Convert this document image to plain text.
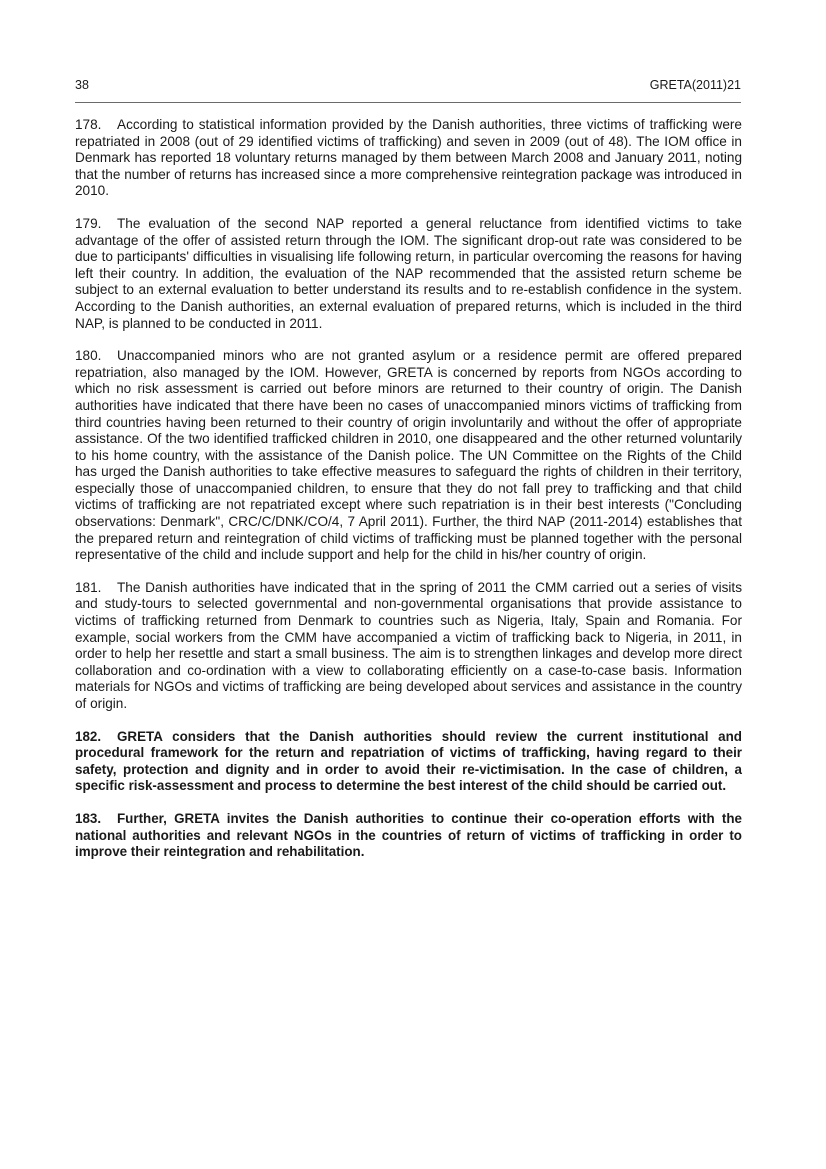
38	GRETA(2011)21

178. According to statistical information provided by the Danish authorities, three victims of trafficking were repatriated in 2008 (out of 29 identified victims of trafficking) and seven in 2009 (out of 48). The IOM office in Denmark has reported 18 voluntary returns managed by them between March 2008 and January 2011, noting that the number of returns has increased since a more comprehensive reintegration package was introduced in 2010.

179. The evaluation of the second NAP reported a general reluctance from identified victims to take advantage of the offer of assisted return through the IOM. The significant drop-out rate was considered to be due to participants' difficulties in visualising life following return, in particular overcoming the reasons for having left their country. In addition, the evaluation of the NAP recommended that the assisted return scheme be subject to an external evaluation to better understand its results and to re-establish confidence in the system. According to the Danish authorities, an external evaluation of prepared returns, which is included in the third NAP, is planned to be conducted in 2011.

180. Unaccompanied minors who are not granted asylum or a residence permit are offered prepared repatriation, also managed by the IOM. However, GRETA is concerned by reports from NGOs according to which no risk assessment is carried out before minors are returned to their country of origin. The Danish authorities have indicated that there have been no cases of unaccompanied minors victims of trafficking from third countries having been returned to their country of origin involuntarily and without the offer of appropriate assistance. Of the two identified trafficked children in 2010, one disappeared and the other returned voluntarily to his home country, with the assistance of the Danish police. The UN Committee on the Rights of the Child has urged the Danish authorities to take effective measures to safeguard the rights of children in their territory, especially those of unaccompanied children, to ensure that they do not fall prey to trafficking and that child victims of trafficking are not repatriated except where such repatriation is in their best interests ("Concluding observations: Denmark", CRC/C/DNK/CO/4, 7 April 2011). Further, the third NAP (2011-2014) establishes that the prepared return and reintegration of child victims of trafficking must be planned together with the personal representative of the child and include support and help for the child in his/her country of origin.

181. The Danish authorities have indicated that in the spring of 2011 the CMM carried out a series of visits and study-tours to selected governmental and non-governmental organisations that provide assistance to victims of trafficking returned from Denmark to countries such as Nigeria, Italy, Spain and Romania. For example, social workers from the CMM have accompanied a victim of trafficking back to Nigeria, in 2011, in order to help her resettle and start a small business. The aim is to strengthen linkages and develop more direct collaboration and co-ordination with a view to collaborating efficiently on a case-to-case basis. Information materials for NGOs and victims of trafficking are being developed about services and assistance in the country of origin.

182. GRETA considers that the Danish authorities should review the current institutional and procedural framework for the return and repatriation of victims of trafficking, having regard to their safety, protection and dignity and in order to avoid their re-victimisation. In the case of children, a specific risk-assessment and process to determine the best interest of the child should be carried out.

183. Further, GRETA invites the Danish authorities to continue their co-operation efforts with the national authorities and relevant NGOs in the countries of return of victims of trafficking in order to improve their reintegration and rehabilitation.
